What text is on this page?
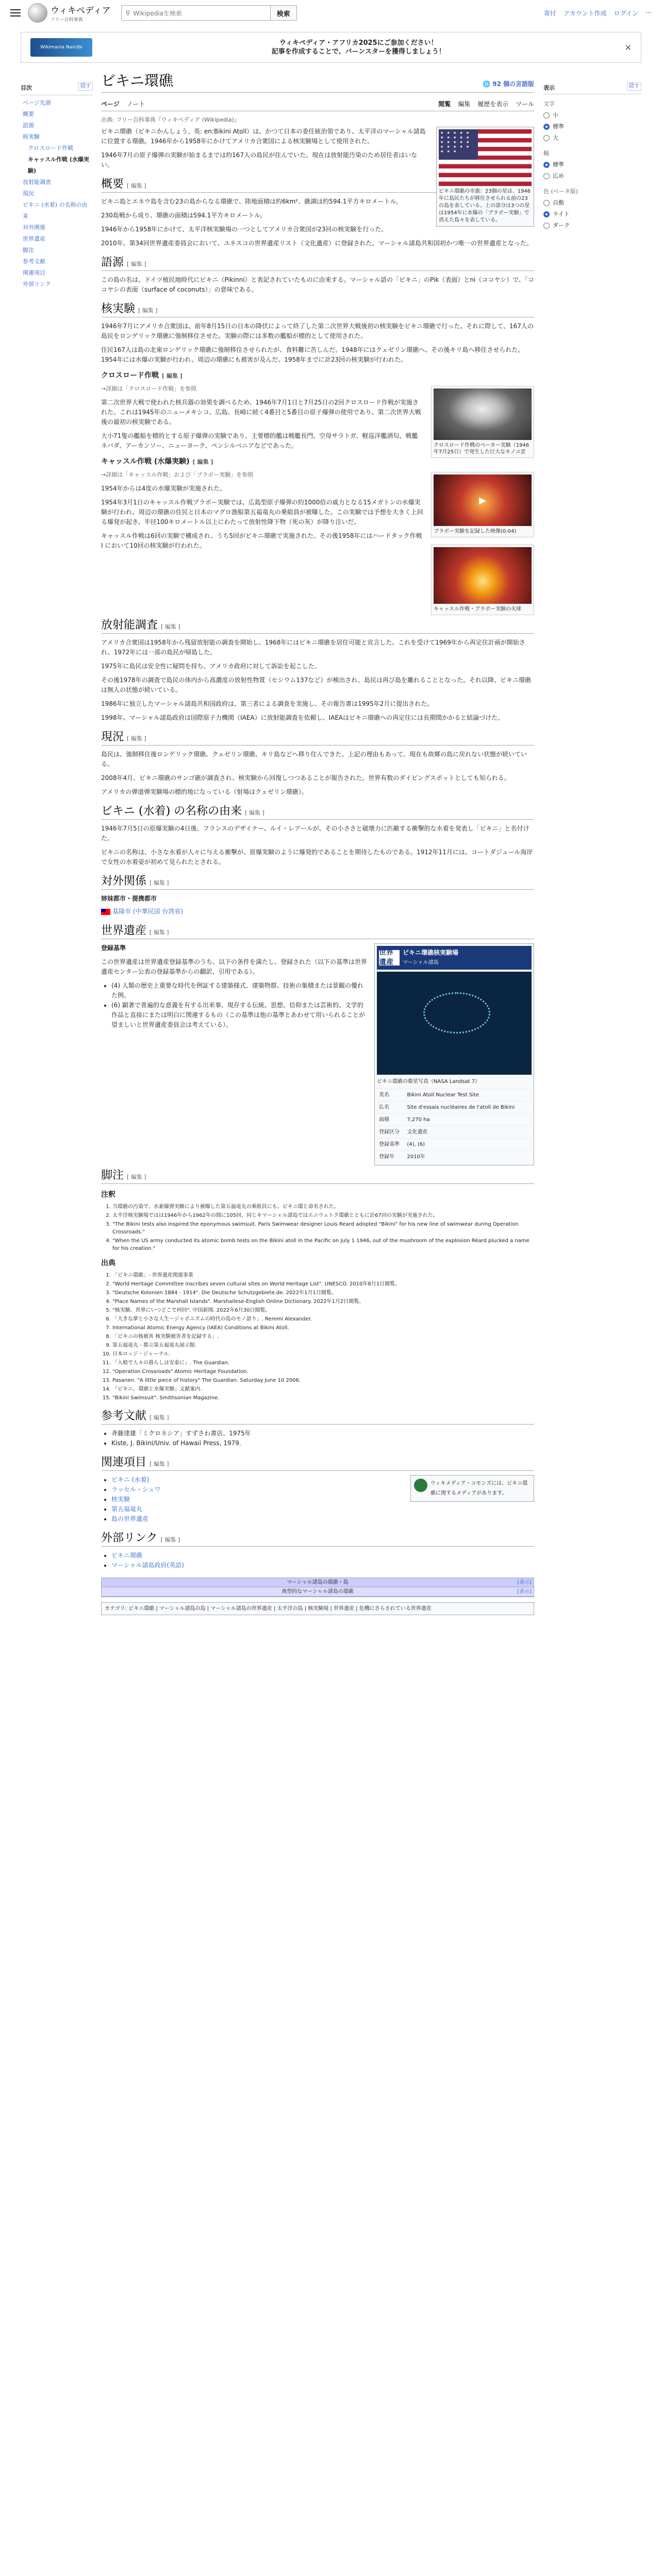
ウィキペディア
フリー百科事典
⚲ Wikipediaを検索	検索	寄付 アカウント作成 ログイン ⋯
Wikimania Nairobi
ウィキペディア・アフリカ2025にご参加ください！
記事を作成することで、バーンスターを獲得しましょう！	✕
目次	隠す
ページ先頭
概要
語源
核実験
クロスロード作戦
キャッスル作戦 (水爆実験)
放射能調査
現況
ビキニ (水着) の名称の由来
対外関係
世界遺産
脚注
参考文献
関連項目
外部リンク
ビキニ環礁	🌐 92 個の言語版
ページ ノート	閲覧 編集 履歴を表示 ツール
出典: フリー百科事典『ウィキペディア (Wikipedia)』
★ ★ ★ ★ ★ ★ ★ ★ ★ ★ ★ ★ ★ ★ ★ ★ ★ ★ ★ ★ ★ ★ ★
ビキニ環礁の市旗：23個の星は、1946年に島民たちが移住させられる前の23の島を表している。上の部分は3つの星は1954年に水爆の「ブラボー実験」で消えた島々を表している。

ビキニ環礁（ビキニかんしょう、英: en:Bikini Atoll）は、かつて日本の委任統治領であり、太平洋のマーシャル諸島に位置する環礁。1946年から1958年にかけてアメリカ合衆国による核実験場として使用された。

1946年7月の原子爆弾の実験が始まるまでは約167人の島民が住んでいた。現在は放射能汚染のため居住者はいない。

概要 [ 編集 ]

ビキニ島とエネウ島を含む23の島からなる環礁で、陸地面積は約6km²、礁湖は約594.1平方キロメートル。

230島戦から成り、環礁の面積は594.1平方キロメートル。

1946年から1958年にかけて、太平洋核実験場の一つとしてアメリカ合衆国が23回の核実験を行った。

2010年、第34回世界遺産委員会において、ユネスコの世界遺産リスト（文化遺産）に登録された。マーシャル諸島共和国初かつ唯一の世界遺産となった。

語源 [ 編集 ]

この島の名は、ドイツ植民地時代にピキニ（Pikinni）と表記されていたものに由来する。マーシャル語の「ピキニ」のPik（表面）とni（ココヤシ）で、「ココヤシの表面（surface of coconuts）」の意味である。

核実験 [ 編集 ]

1946年7月にアメリカ合衆国は、前年8月15日の日本の降伏によって終了した第二次世界大戦後初の核実験をビキニ環礁で行った。それに際して、167人の島民をロンゲリック環礁に強制移住させた。実験の際には多数の艦船が標的として使用された。

住民167人は島の北東ロンゲリック環礁に強制移住させられたが、食料難に苦しんだ。1948年にはクェゼリン環礁へ、その後キリ島へ移住させられた。1954年には水爆の実験が行われ、周辺の環礁にも被害が及んだ。1958年までに計23回の核実験が行われた。

クロスロード作戦 [ 編集 ]
クロスロード作戦のベーカー実験（1946年7月25日）で発生した巨大なキノコ雲

→詳細は「クロスロード作戦」を参照

第二次世界大戦で使われた核兵器の効果を調べるため、1946年7月1日と7月25日の2回クロスロード作戦が実施された。これは1945年のニューメキシコ、広島、長崎に続く4番目と5番目の原子爆弾の使用であり、第二次世界大戦後の最初の核実験である。

大小71隻の艦船を標的とする原子爆弾の実験であり、主要標的艦は戦艦長門、空母サラトガ、軽巡洋艦酒匂、戦艦ネバダ、アーカンソー、ニューヨーク、ペンシルベニアなどであった。

キャッスル作戦 (水爆実験) [ 編集 ]
▶
ブラボー実験を記録した映像(0:04)

→詳細は「キャッスル作戦」および「ブラボー実験」を参照

1954年からは4度の水爆実験が実施された。

1954年3月1日のキャッスル作戦ブラボー実験では、広島型原子爆弾の約1000倍の威力となる15メガトンの水爆実験が行われ、周辺の環礁の住民と日本のマグロ漁船第五福竜丸の乗組員が被曝した。この実験では予想を大きく上回る爆発が起き、半径100キロメートル以上にわたって放射性降下物（死の灰）が降り注いだ。

キャッスル作戦・ブラボー実験の火球

キャッスル作戦は6回の実験で構成され、うち5回がビキニ環礁で実施された。その後1958年にはハードタック作戦I において10回の核実験が行われた。

放射能調査 [ 編集 ]

アメリカ合衆国は1958年から残留放射能の調査を開始し、1968年にはビキニ環礁を居住可能と宣言した。これを受けて1969年から再定住計画が開始され、1972年には一部の島民が帰島した。

1975年に島民は安全性に疑問を持ち、アメリカ政府に対して訴訟を起こした。

その後1978年の調査で島民の体内から高濃度の放射性物質（セシウム137など）が検出され、島民は再び島を離れることとなった。それ以降、ビキニ環礁は無人の状態が続いている。

1986年に独立したマーシャル諸島共和国政府は、第三者による調査を実施し、その報告書は1995年2月に提出された。

1998年、マーシャル諸島政府は国際原子力機関（IAEA）に放射能調査を依頼し、IAEAはビキニ環礁への再定住には長期間かかると結論づけた。

現況 [ 編集 ]

島民は、強制移住後ロンゲリック環礁、クェゼリン環礁、キリ島などへ移り住んできた。上記の理由もあって、現在も故郷の島に戻れない状態が続いている。

2008年4月、ビキニ環礁のサンゴ礁が調査され、核実験から回復しつつあることが報告された。世界有数のダイビングスポットとしても知られる。

アメリカの弾道弾実験場の標的地になっている（射場はクェゼリン環礁）。

ビキニ (水着) の名称の由来 [ 編集 ]

1946年7月5日の原爆実験の4日後、フランスのデザイナー、ルイ・レアールが、その小ささと破壊力に匹敵する衝撃的な水着を発表し「ビキニ」と名付けた。

ビキニの名称は、小さな水着が人々に与える衝撃が、原爆実験のように爆発的であることを期待したものである。1912年11月には、コートダジュール海岸で女性の水着姿が初めて見られたとされる。

対外関係 [ 編集 ]
姉妹都市・提携都市

基隆市 (中華民国 台湾省)

世界遺産 [ 編集 ]
世界遺産
ビキニ環礁核実験場
マーシャル諸島
ビキニ環礁の衛星写真（NASA Landsat 7）
英名	Bikini Atoll Nuclear Test Site
仏名	Site d'essais nucléaires de l'atoll de Bikini
面積	7,270 ha
登録区分	文化遺産
登録基準	(4), (6)
登録年	2010年

登録基準

この世界遺産は世界遺産登録基準のうち、以下の条件を満たし、登録された（以下の基準は世界遺産センター公表の登録基準からの翻訳、引用である）。

• (4) 人類の歴史上重要な時代を例証する建築様式、建築物群、技術の集積または景観の優れた例。
• (6) 顕著で普遍的な意義を有する出来事、現存する伝統、思想、信仰または芸術的、文学的作品と直接にまたは明白に関連するもの（この基準は他の基準とあわせて用いられることが望ましいと世界遺産委員会は考えている）。
脚注 [ 編集 ]
注釈
1. 当環礁の汚染で、水素爆弾実験により被曝した第五福竜丸の乗組員にも、ビキニ環と命名された。
2. 太平洋核実験場ではは1946年から1962年の間に105回、同じキマーシャル諸島ではエニウェトク環礁とともに計67回の実験が実施された。
3. "The Bikini tests also inspired the eponymous swimsuit. Paris Swimwear designer Louis Reard adopted "Bikini" for his new line of swimwear during Operation Crossroads."
4. "When the US army conducted its atomic bomb tests on the Bikini atoll in the Pacific on July 1 1946, out of the mushroom of the explosion Réard plucked a name for his creation."
出典
1. 「ビキニ環礁」- 世界遺産関連事業
2. "World Heritage Committee inscribes seven cultural sites on World Heritage List". UNESCO. 2010年8月1日閲覧。
3. "Deutsche Kolonien 1884 - 1914". Die Deutsche Schutzgebiete.de. 2022年1月1日閲覧。
4. "Place Names of the Marshall Islands". Marshallese-English Online Dictionary. 2022年1月2日閲覧。
5. "核実験、世界にいつどこで何回". 中国新聞. 2022年6月30日閲覧。
6. 「大きな夢と小さな人生～ジャポニズムの時代の島のモノ語り」. Remmi Alexander.
7. International Atomic Energy Agency (IAEA) Conditions at Bikini Atoll.
8. 「ビキニの核被害 核実験被害者を記録する」.
9. 第五福竜丸 - 都立第五福竜丸展示館.
10. 日本ロッジ・ジャーナル.
11. 「入植で人々の暮らしは安泰に」. The Guardian.
12. "Operation Crossroads" Atomic Heritage Foundation.
13. Pasanen. "A little piece of history" The Guardian. Saturday June 10 2006.
14. 「ビキニ、環礁と水爆実験」文献案内.
15. "Bikini Swimsuit". Smithsonian Magazine.
参考文献 [ 編集 ]
• 斉藤達雄「ミクロネシア」すずさわ書店、1975年
• Kiste, J. Bikini/Univ. of Hawaii Press, 1979.
関連項目 [ 編集 ]
ウィキメディア・コモンズには、ビキニ環礁に関するメディアがあります。
• ビキニ (水着)
• ラッセル・シュワ
• 核実験
• 第五福竜丸
• 島の世界遺産
外部リンク [ 編集 ]
• ビキニ環礁
• マーシャル諸島政府(英語)
マーシャル諸島の環礁・島	[表示]
典型的なマーシャル諸島の環礁	[表示]
カテゴリ: ビキニ環礁 | マーシャル諸島の島 | マーシャル諸島の世界遺産 | 太平洋の島 | 核実験場 | 世界遺産 | 危機にさらされている世界遺産
表示	隠す
文字
小
標準
大
幅
標準
広め
色 (ベータ版)
自動
ライト
ダーク
